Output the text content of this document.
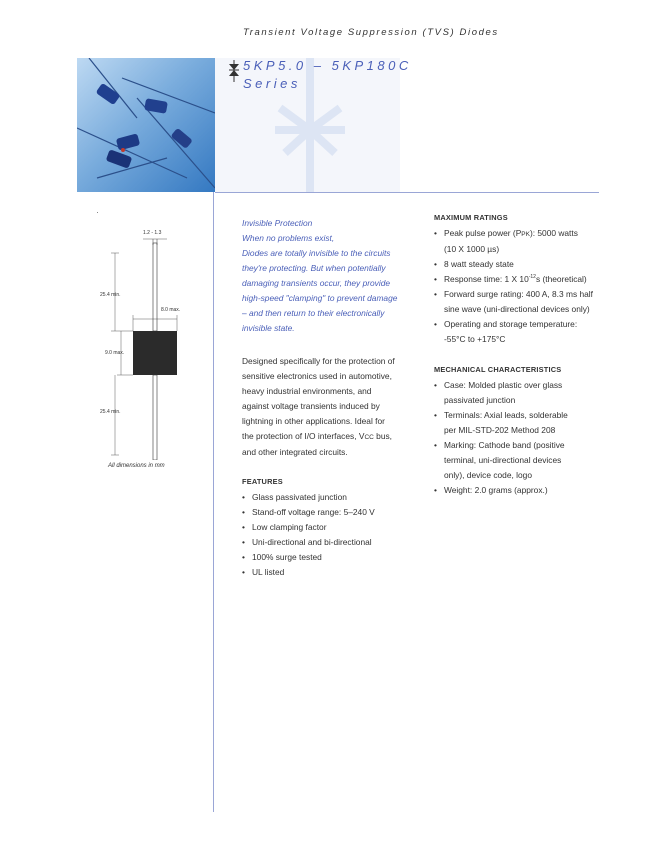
Transient Voltage Suppression (TVS) Diodes
5KP5.0 – 5KP180C
Series
1.2 - 1.3
25.4 min.
8.0 max.
9.0 max.
25.4 min.
All dimensions in mm
Invisible Protection
When no problems exist,
Diodes are totally invisible to the circuits
they're protecting. But when potentially
damaging transients occur, they provide
high-speed "clamping" to prevent damage
– and then return to their electronically
invisible state.
Designed specifically for the protection of
sensitive electronics used in automotive,
heavy industrial environments, and
against voltage transients induced by
lightning in other applications. Ideal for
the protection of I/O interfaces, VCC bus,
and other integrated circuits.
FEATURES
• Glass passivated junction
• Stand-off voltage range: 5–240 V
• Low clamping factor
• Uni-directional and bi-directional
• 100% surge tested
• UL listed
MAXIMUM RATINGS
• Peak pulse power (PPK): 5000 watts
(10 X 1000 µs)
• 8 watt steady state
• Response time: 1 X $10^{-12}s$ (theoretical)
• Forward surge rating: 400 A, 8.3 ms half
sine wave (uni-directional devices only)
• Operating and storage temperature:
-55°C to +175°C
MECHANICAL CHARACTERISTICS
• Case: Molded plastic over glass
passivated junction
• Terminals: Axial leads, solderable
per MIL-STD-202 Method 208
• Marking: Cathode band (positive
terminal, uni-directional devices
only), device code, logo
• Weight: 2.0 grams (approx.)
